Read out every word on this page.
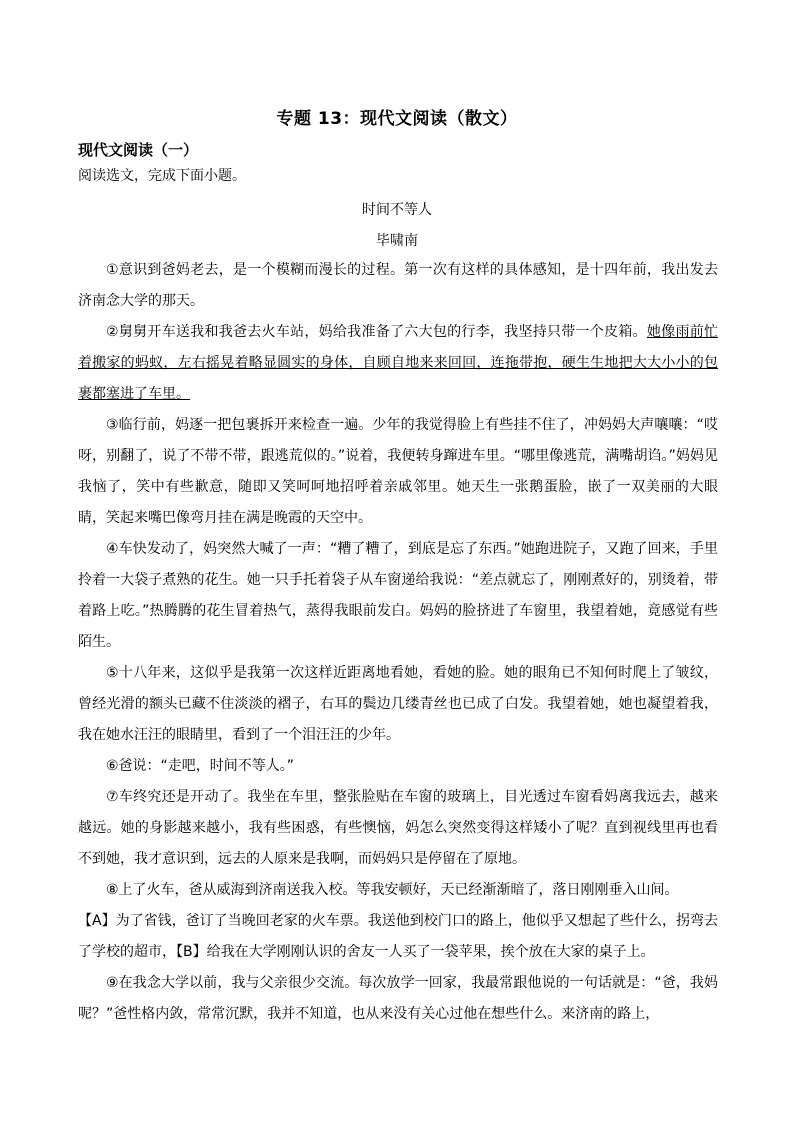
专题 13：现代文阅读（散文）
现代文阅读（一）
阅读选文，完成下面小题。
时间不等人
毕啸南

①意识到爸妈老去，是一个模糊而漫长的过程。第一次有这样的具体感知，是十四年前，我出发去济南念大学的那天。

②舅舅开车送我和我爸去火车站，妈给我准备了六大包的行李，我坚持只带一个皮箱。她像雨前忙着搬家的蚂蚁，左右摇晃着略显圆实的身体，自顾自地来来回回，连拖带抱，硬生生地把大大小小的包裹都塞进了车里。

③临行前，妈逐一把包裹拆开来检查一遍。少年的我觉得脸上有些挂不住了，冲妈妈大声嚷嚷：“哎呀，别翻了，说了不带不带，跟逃荒似的。”说着，我便转身蹿进车里。“哪里像逃荒，满嘴胡诌。”妈妈见我恼了，笑中有些歉意，随即又笑呵呵地招呼着亲戚邻里。她天生一张鹅蛋脸，嵌了一双美丽的大眼睛，笑起来嘴巴像弯月挂在满是晚霞的天空中。

④车快发动了，妈突然大喊了一声：“糟了糟了，到底是忘了东西。”她跑进院子，又跑了回来，手里拎着一大袋子煮熟的花生。她一只手托着袋子从车窗递给我说：“差点就忘了，刚刚煮好的，别烫着，带着路上吃。”热腾腾的花生冒着热气，蒸得我眼前发白。妈妈的脸挤进了车窗里，我望着她，竟感觉有些陌生。

⑤十八年来，这似乎是我第一次这样近距离地看她，看她的脸。她的眼角已不知何时爬上了皱纹，曾经光滑的额头已藏不住淡淡的褶子，右耳的鬓边几缕青丝也已成了白发。我望着她，她也凝望着我，我在她水汪汪的眼睛里，看到了一个泪汪汪的少年。

⑥爸说：“走吧，时间不等人。”

⑦车终究还是开动了。我坐在车里，整张脸贴在车窗的玻璃上，目光透过车窗看妈离我远去，越来越远。她的身影越来越小，我有些困惑，有些懊恼，妈怎么突然变得这样矮小了呢？直到视线里再也看不到她，我才意识到，远去的人原来是我啊，而妈妈只是停留在了原地。

⑧上了火车，爸从威海到济南送我入校。等我安顿好，天已经渐渐暗了，落日刚刚垂入山间。

【A】为了省钱，爸订了当晚回老家的火车票。我送他到校门口的路上，他似乎又想起了些什么，拐弯去了学校的超市，【B】给我在大学刚刚认识的舍友一人买了一袋苹果，挨个放在大家的桌子上。

⑨在我念大学以前，我与父亲很少交流。每次放学一回家，我最常跟他说的一句话就是：“爸，我妈呢？”爸性格内敛，常常沉默，我并不知道，也从来没有关心过他在想些什么。来济南的路上，
